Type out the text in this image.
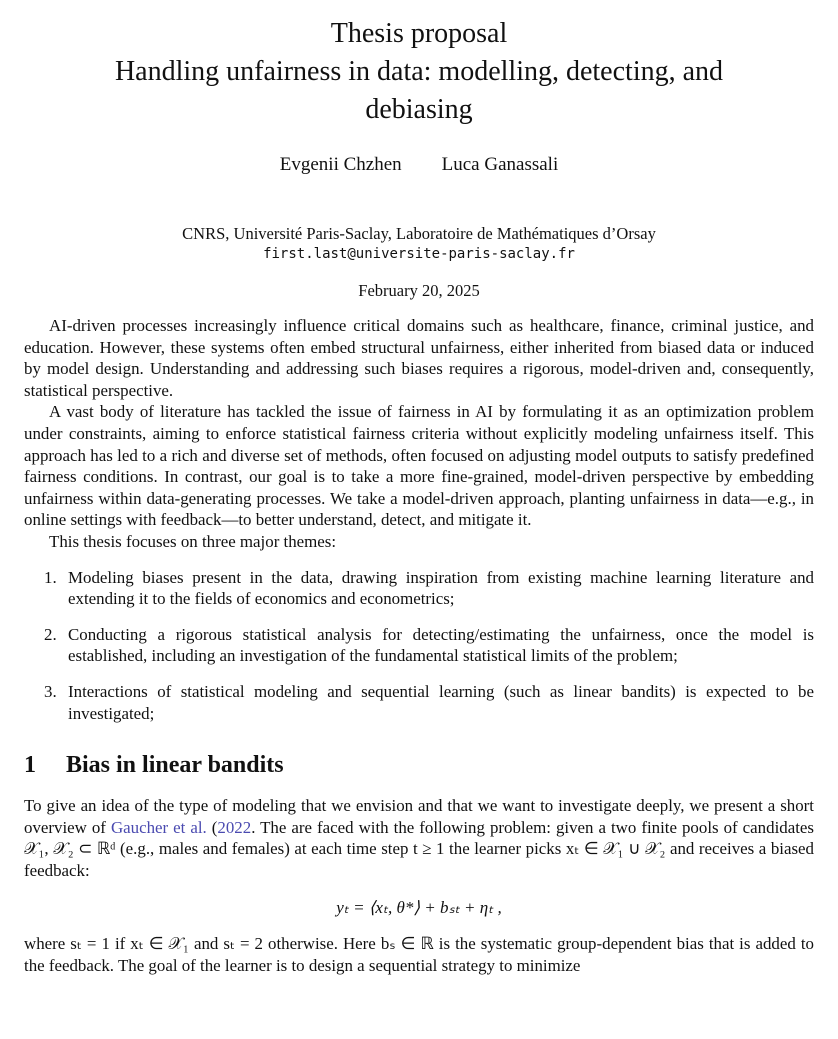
Thesis proposal
Handling unfairness in data: modelling, detecting, and
debiasing
Evgenii Chzhen Luca Ganassali
CNRS, Université Paris-Saclay, Laboratoire de Mathématiques d’Orsay
first.last@universite-paris-saclay.fr
February 20, 2025

AI-driven processes increasingly influence critical domains such as healthcare, finance, criminal justice, and education. However, these systems often embed structural unfairness, either inherited from biased data or induced by model design. Understanding and addressing such biases requires a rigorous, model-driven and, consequently, statistical perspective.

A vast body of literature has tackled the issue of fairness in AI by formulating it as an optimization problem under constraints, aiming to enforce statistical fairness criteria without explicitly modeling unfairness itself. This approach has led to a rich and diverse set of methods, often focused on adjusting model outputs to satisfy predefined fairness conditions. In contrast, our goal is to take a more fine-grained, model-driven perspective by embedding unfairness within data-generating processes. We take a model-driven approach, planting unfairness in data—e.g., in online settings with feedback—to better understand, detect, and mitigate it.

This thesis focuses on three major themes:

1. Modeling biases present in the data, drawing inspiration from existing machine learning literature and extending it to the fields of economics and econometrics;
2. Conducting a rigorous statistical analysis for detecting/estimating the unfairness, once the model is established, including an investigation of the fundamental statistical limits of the problem;
3. Interactions of statistical modeling and sequential learning (such as linear bandits) is expected to be investigated;
1	Bias in linear bandits

To give an idea of the type of modeling that we envision and that we want to investigate deeply, we present a short overview of Gaucher et al. (2022. The are faced with the following problem: given a two finite pools of candidates 𝒳₁, 𝒳₂ ⊂ ℝᵈ (e.g., males and females) at each time step t ≥ 1 the learner picks xₜ ∈ 𝒳₁ ∪ 𝒳₂ and receives a biased feedback:

yₜ = ⟨xₜ, θ*⟩ + bₛₜ + ηₜ ,

where sₜ = 1 if xₜ ∈ 𝒳₁ and sₜ = 2 otherwise. Here bₛ ∈ ℝ is the systematic group-dependent bias that is added to the feedback. The goal of the learner is to design a sequential strategy to minimize
